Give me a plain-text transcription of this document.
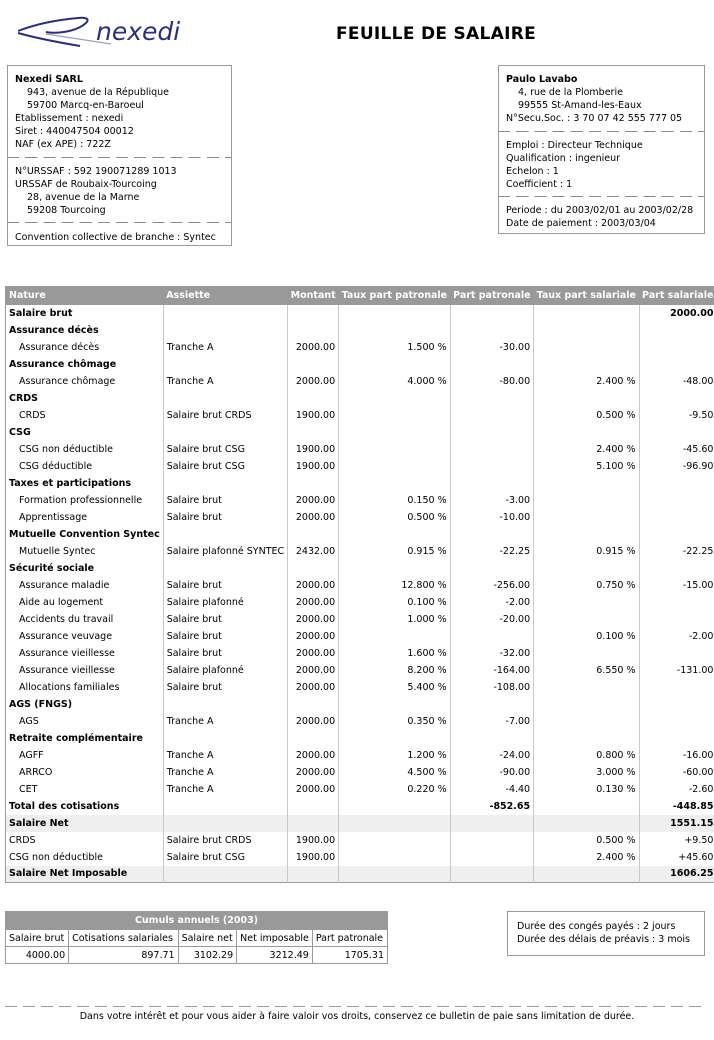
nexedi	FEUILLE DE SALAIRE
Nexedi SARL
943, avenue de la République
59700 Marcq-en-Baroeul
Etablissement : nexedi
Siret : 440047504 00012
NAF (ex APE) : 722Z
N°URSSAF : 592 190071289 1013
URSSAF de Roubaix-Tourcoing
28, avenue de la Marne
59208 Tourcoing
Convention collective de branche : Syntec
Paulo Lavabo
4, rue de la Plomberie
99555 St-Amand-les-Eaux
N°Secu.Soc. : 3 70 07 42 555 777 05
Emploi : Directeur Technique
Qualification : ingenieur
Echelon : 1
Coefficient : 1
Periode : du 2003/02/01 au 2003/02/28
Date de paiement : 2003/03/04
Nature	Assiette	Montant	Taux part patronale	Part patronale	Taux part salariale	Part salariale
Salaire brut						2000.00
Assurance décès						
Assurance décès	Tranche A	2000.00	1.500 %	-30.00		
Assurance chômage						
Assurance chômage	Tranche A	2000.00	4.000 %	-80.00	2.400 %	-48.00
CRDS						
CRDS	Salaire brut CRDS	1900.00			0.500 %	-9.50
CSG						
CSG non déductible	Salaire brut CSG	1900.00			2.400 %	-45.60
CSG déductible	Salaire brut CSG	1900.00			5.100 %	-96.90
Taxes et participations						
Formation professionnelle	Salaire brut	2000.00	0.150 %	-3.00		
Apprentissage	Salaire brut	2000.00	0.500 %	-10.00		
Mutuelle Convention Syntec						
Mutuelle Syntec	Salaire plafonné SYNTEC	2432.00	0.915 %	-22.25	0.915 %	-22.25
Sécurité sociale						
Assurance maladie	Salaire brut	2000.00	12.800 %	-256.00	0.750 %	-15.00
Aide au logement	Salaire plafonné	2000.00	0.100 %	-2.00		
Accidents du travail	Salaire brut	2000.00	1.000 %	-20.00		
Assurance veuvage	Salaire brut	2000.00			0.100 %	-2.00
Assurance vieillesse	Salaire brut	2000.00	1.600 %	-32.00		
Assurance vieillesse	Salaire plafonné	2000.00	8.200 %	-164.00	6.550 %	-131.00
Allocations familiales	Salaire brut	2000.00	5.400 %	-108.00		
AGS (FNGS)						
AGS	Tranche A	2000.00	0.350 %	-7.00		
Retraite complémentaire						
AGFF	Tranche A	2000.00	1.200 %	-24.00	0.800 %	-16.00
ARRCO	Tranche A	2000.00	4.500 %	-90.00	3.000 %	-60.00
CET	Tranche A	2000.00	0.220 %	-4.40	0.130 %	-2.60
Total des cotisations				-852.65		-448.85
Salaire Net						1551.15
CRDS	Salaire brut CRDS	1900.00			0.500 %	+9.50
CSG non déductible	Salaire brut CSG	1900.00			2.400 %	+45.60
Salaire Net Imposable						1606.25
Cumuls annuels (2003)				
Salaire brut	Cotisations salariales	Salaire net	Net imposable	Part patronale
4000.00	897.71	3102.29	3212.49	1705.31
Durée des congés payés : 2 jours
Durée des délais de préavis : 3 mois
Dans votre intérêt et pour vous aider à faire valoir vos droits, conservez ce bulletin de paie sans limitation de durée.
